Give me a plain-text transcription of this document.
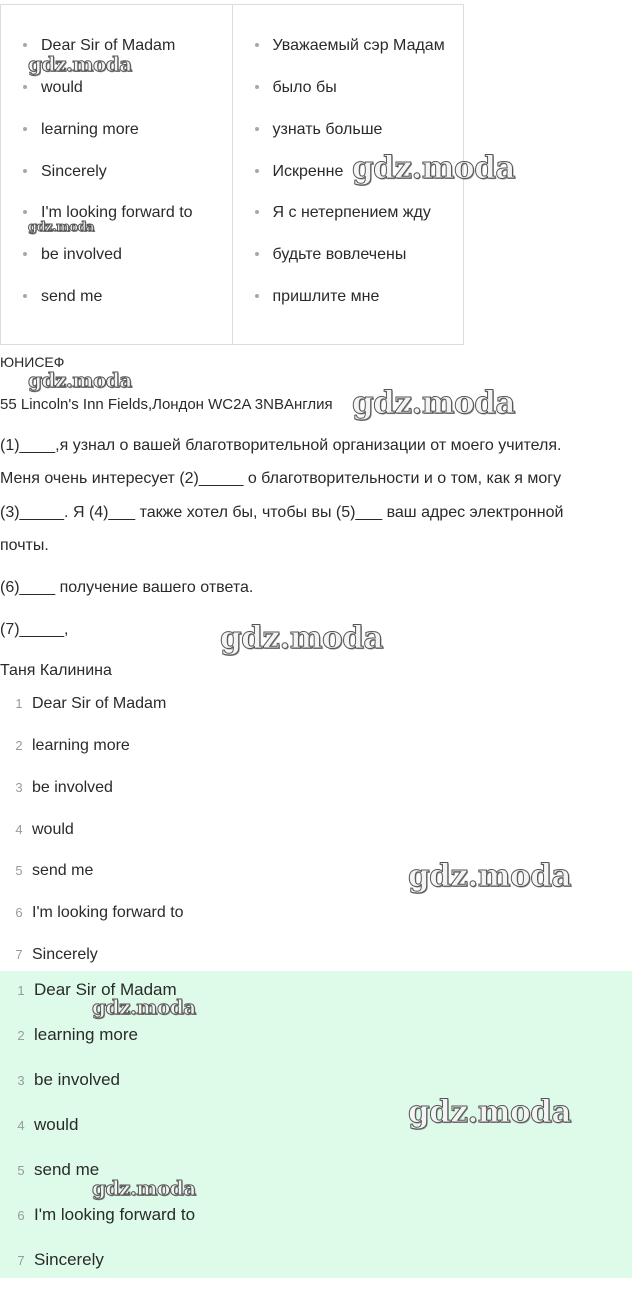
Dear Sir of Madam
would
learning more
Sincerely
I'm looking forward to
be involved
send me
Уважаемый сэр Мадам
было бы
узнать больше
Искренне
Я с нетерпением жду
будьте вовлечены
пришлите мне
ЮНИСЕФ
55 Lincoln's Inn Fields,Лондон WC2A 3NBАнглия
(1)____,я узнал о вашей благотворительной организации от моего учителя.
Меня очень интересует (2)_____ о благотворительности и о том, как я могу
(3)_____. Я (4)___ также хотел бы, чтобы вы (5)___ ваш адрес электронной
почты.
(6)____ получение вашего ответа.
(7)_____,
Таня Калинина
1 Dear Sir of Madam
2 learning more
3 be involved
4 would
5 send me
6 I'm looking forward to
7 Sincerely
1 Dear Sir of Madam
2 learning more
3 be involved
4 would
5 send me
6 I'm looking forward to
7 Sincerely
gdz.moda
gdz.moda
gdz.moda
gdz.moda
gdz.moda
gdz.moda
gdz.moda
gdz.moda
gdz.moda
gdz.moda
